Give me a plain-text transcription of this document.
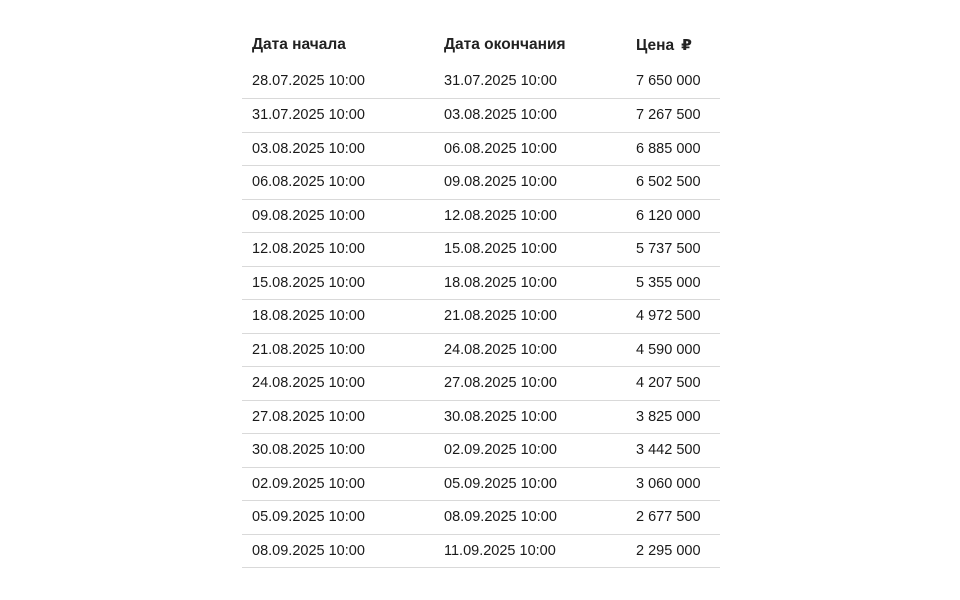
Дата начала	Дата окончания	Цена ₽
28.07.2025 10:00	31.07.2025 10:00	7 650 000
31.07.2025 10:00	03.08.2025 10:00	7 267 500
03.08.2025 10:00	06.08.2025 10:00	6 885 000
06.08.2025 10:00	09.08.2025 10:00	6 502 500
09.08.2025 10:00	12.08.2025 10:00	6 120 000
12.08.2025 10:00	15.08.2025 10:00	5 737 500
15.08.2025 10:00	18.08.2025 10:00	5 355 000
18.08.2025 10:00	21.08.2025 10:00	4 972 500
21.08.2025 10:00	24.08.2025 10:00	4 590 000
24.08.2025 10:00	27.08.2025 10:00	4 207 500
27.08.2025 10:00	30.08.2025 10:00	3 825 000
30.08.2025 10:00	02.09.2025 10:00	3 442 500
02.09.2025 10:00	05.09.2025 10:00	3 060 000
05.09.2025 10:00	08.09.2025 10:00	2 677 500
08.09.2025 10:00	11.09.2025 10:00	2 295 000
